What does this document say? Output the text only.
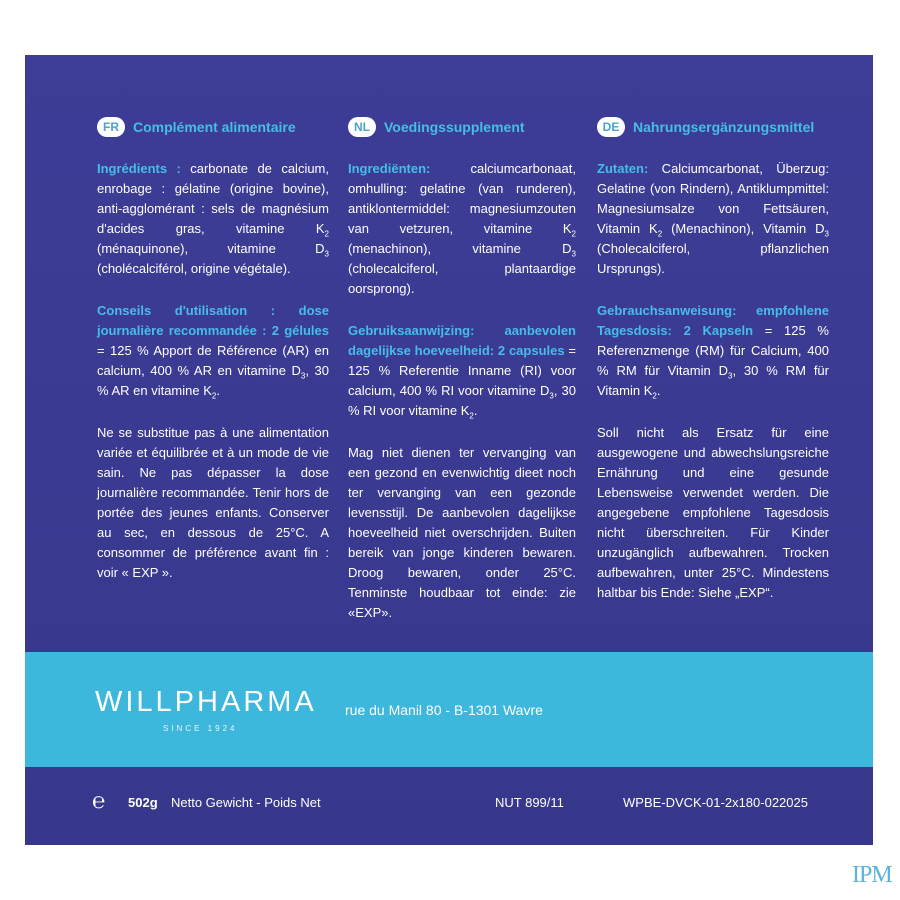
FR	Complément alimentaire

Ingrédients : carbonate de calcium, enrobage : gélatine (origine bovine), anti-agglomérant : sels de magnésium d'acides gras, vitamine $K_2$ (ménaquinone), vitamine $D_3$ (cholécalciférol, origine végétale).

Conseils d'utilisation : dose journalière recommandée : 2 gélules = 125 % Apport de Référence (AR) en calcium, 400 % AR en vitamine $D_3$, 30 % AR en vitamine $K_2$.

Ne se substitue pas à une alimentation variée et équilibrée et à un mode de vie sain. Ne pas dépasser la dose journalière recommandée. Tenir hors de portée des jeunes enfants. Conserver au sec, en dessous de 25°C. A consommer de préférence avant fin : voir « EXP ».

NL	Voedingssupplement

Ingrediënten: calciumcarbonaat, omhulling: gelatine (van runderen), antiklontermiddel: magnesiumzouten van vetzuren, vitamine $K_2$ (menachinon), vitamine $D_3$ (cholecalciferol, plantaardige oorsprong).

Gebruiksaanwijzing: aanbevolen dagelijkse hoeveelheid: 2 capsules = 125 % Referentie Inname (RI) voor calcium, 400 % RI voor vitamine $D_3$, 30 % RI voor vitamine $K_2$.

Mag niet dienen ter vervanging van een gezond en evenwichtig dieet noch ter vervanging van een gezonde levensstijl. De aanbevolen dagelijkse hoeveelheid niet overschrijden. Buiten bereik van jonge kinderen bewaren. Droog bewaren, onder 25°C. Tenminste houdbaar tot einde: zie «EXP».

DE Nahrungsergänzungsmittel

Zutaten: Calciumcarbonat, Überzug: Gelatine (von Rindern), Antiklumpmittel: Magnesiumsalze von Fettsäuren, Vitamin $K_2$ (Menachinon), Vitamin $D_3$ (Cholecalciferol, pflanzlichen Ursprungs).

Gebrauchsanweisung: empfohlene Tagesdosis: 2 Kapseln = 125 % Referenzmenge (RM) für Calcium, 400 % RM für Vitamin $D_3$, 30 % RM für Vitamin $K_2$.

Soll nicht als Ersatz für eine ausgewogene und abwechslungsreiche Ernährung und eine gesunde Lebensweise verwendet werden. Die angegebene empfohlene Tagesdosis nicht überschreiten. Für Kinder unzugänglich aufbewahren. Trocken aufbewahren, unter 25°C. Mindestens haltbar bis Ende: Siehe „EXP“.

WILLPHARMA
SINCE 1924
rue du Manil 80 - B-1301 Wavre
℮ 502g Netto Gewicht - Poids Net	NUT 899/11	WPBE-DVCK-01-2x180-022025
IPM
